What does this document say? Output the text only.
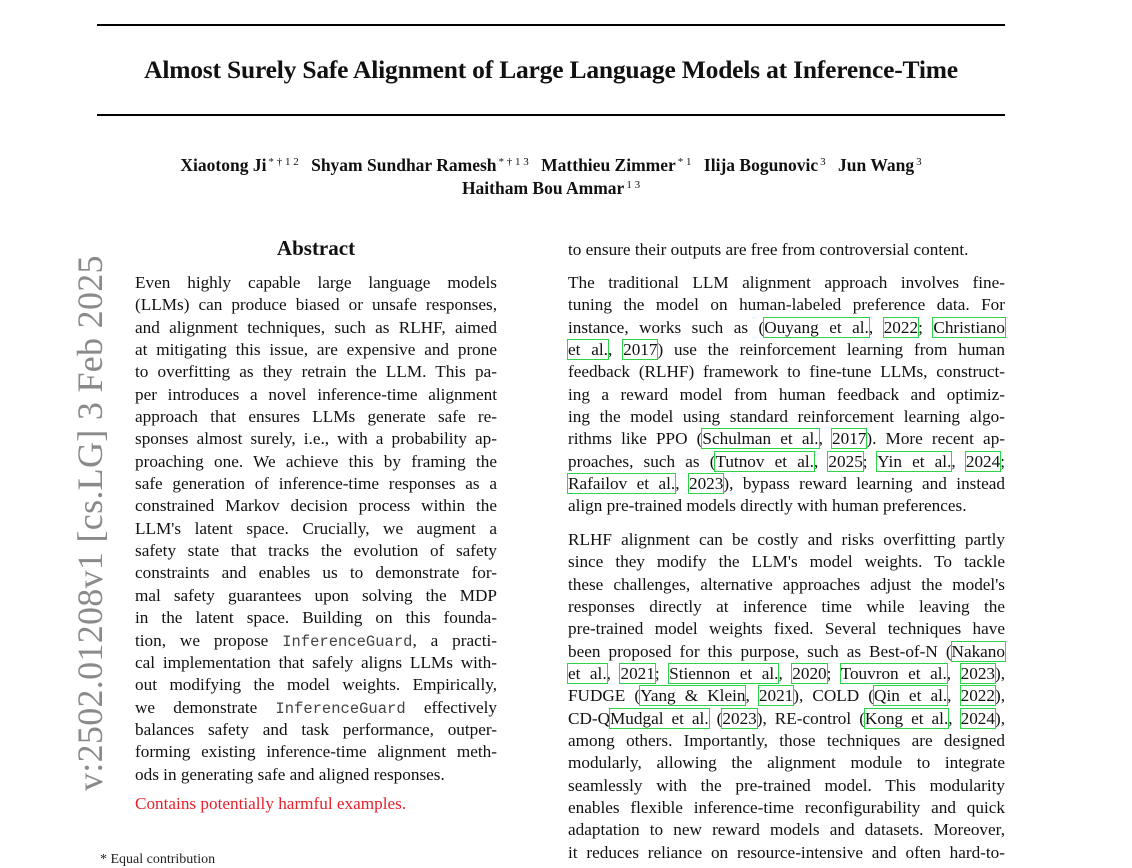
Almost Surely Safe Alignment of Large Language Models at Inference-Time
Xiaotong Ji $^{* \dagger 1 2}$ Shyam Sundhar Ramesh $^{* \dagger 1 3}$ Matthieu Zimmer $^{* 1}$ Ilija Bogunovic $^3$ Jun Wang $^3$
Haitham Bou Ammar $^{1 3}$
v:2502.01208v1 [cs.LG] 3 Feb 2025
Abstract
Even highly capable large language models
(LLMs) can produce biased or unsafe responses,
and alignment techniques, such as RLHF, aimed
at mitigating this issue, are expensive and prone
to overfitting as they retrain the LLM. This pa-
per introduces a novel inference-time alignment
approach that ensures LLMs generate safe re-
sponses almost surely, i.e., with a probability ap-
proaching one. We achieve this by framing the
safe generation of inference-time responses as a
constrained Markov decision process within the
LLM's latent space. Crucially, we augment a
safety state that tracks the evolution of safety
constraints and enables us to demonstrate for-
mal safety guarantees upon solving the MDP
in the latent space. Building on this founda-
tion, we propose InferenceGuard, a practi-
cal implementation that safely aligns LLMs with-
out modifying the model weights. Empirically,
we demonstrate InferenceGuard effectively
balances safety and task performance, outper-
forming existing inference-time alignment meth-
ods in generating safe and aligned responses.
Contains potentially harmful examples.
to ensure their outputs are free from controversial content.
The traditional LLM alignment approach involves fine-
tuning the model on human-labeled preference data. For
instance, works such as (Ouyang et al., 2022; Christiano
et al., 2017) use the reinforcement learning from human
feedback (RLHF) framework to fine-tune LLMs, construct-
ing a reward model from human feedback and optimiz-
ing the model using standard reinforcement learning algo-
rithms like PPO (Schulman et al., 2017). More recent ap-
proaches, such as (Tutnov et al., 2025; Yin et al., 2024;
Rafailov et al., 2023), bypass reward learning and instead
align pre-trained models directly with human preferences.
RLHF alignment can be costly and risks overfitting partly
since they modify the LLM's model weights. To tackle
these challenges, alternative approaches adjust the model's
responses directly at inference time while leaving the
pre-trained model weights fixed. Several techniques have
been proposed for this purpose, such as Best-of-N (Nakano
et al., 2021; Stiennon et al., 2020; Touvron et al., 2023),
FUDGE (Yang & Klein, 2021), COLD (Qin et al., 2022),
CD-QMudgal et al. (2023), RE-control (Kong et al., 2024),
among others. Importantly, those techniques are designed
modularly, allowing the alignment module to integrate
seamlessly with the pre-trained model. This modularity
enables flexible inference-time reconfigurability and quick
adaptation to new reward models and datasets. Moreover,
it reduces reliance on resource-intensive and often hard-to-
* Equal contribution
